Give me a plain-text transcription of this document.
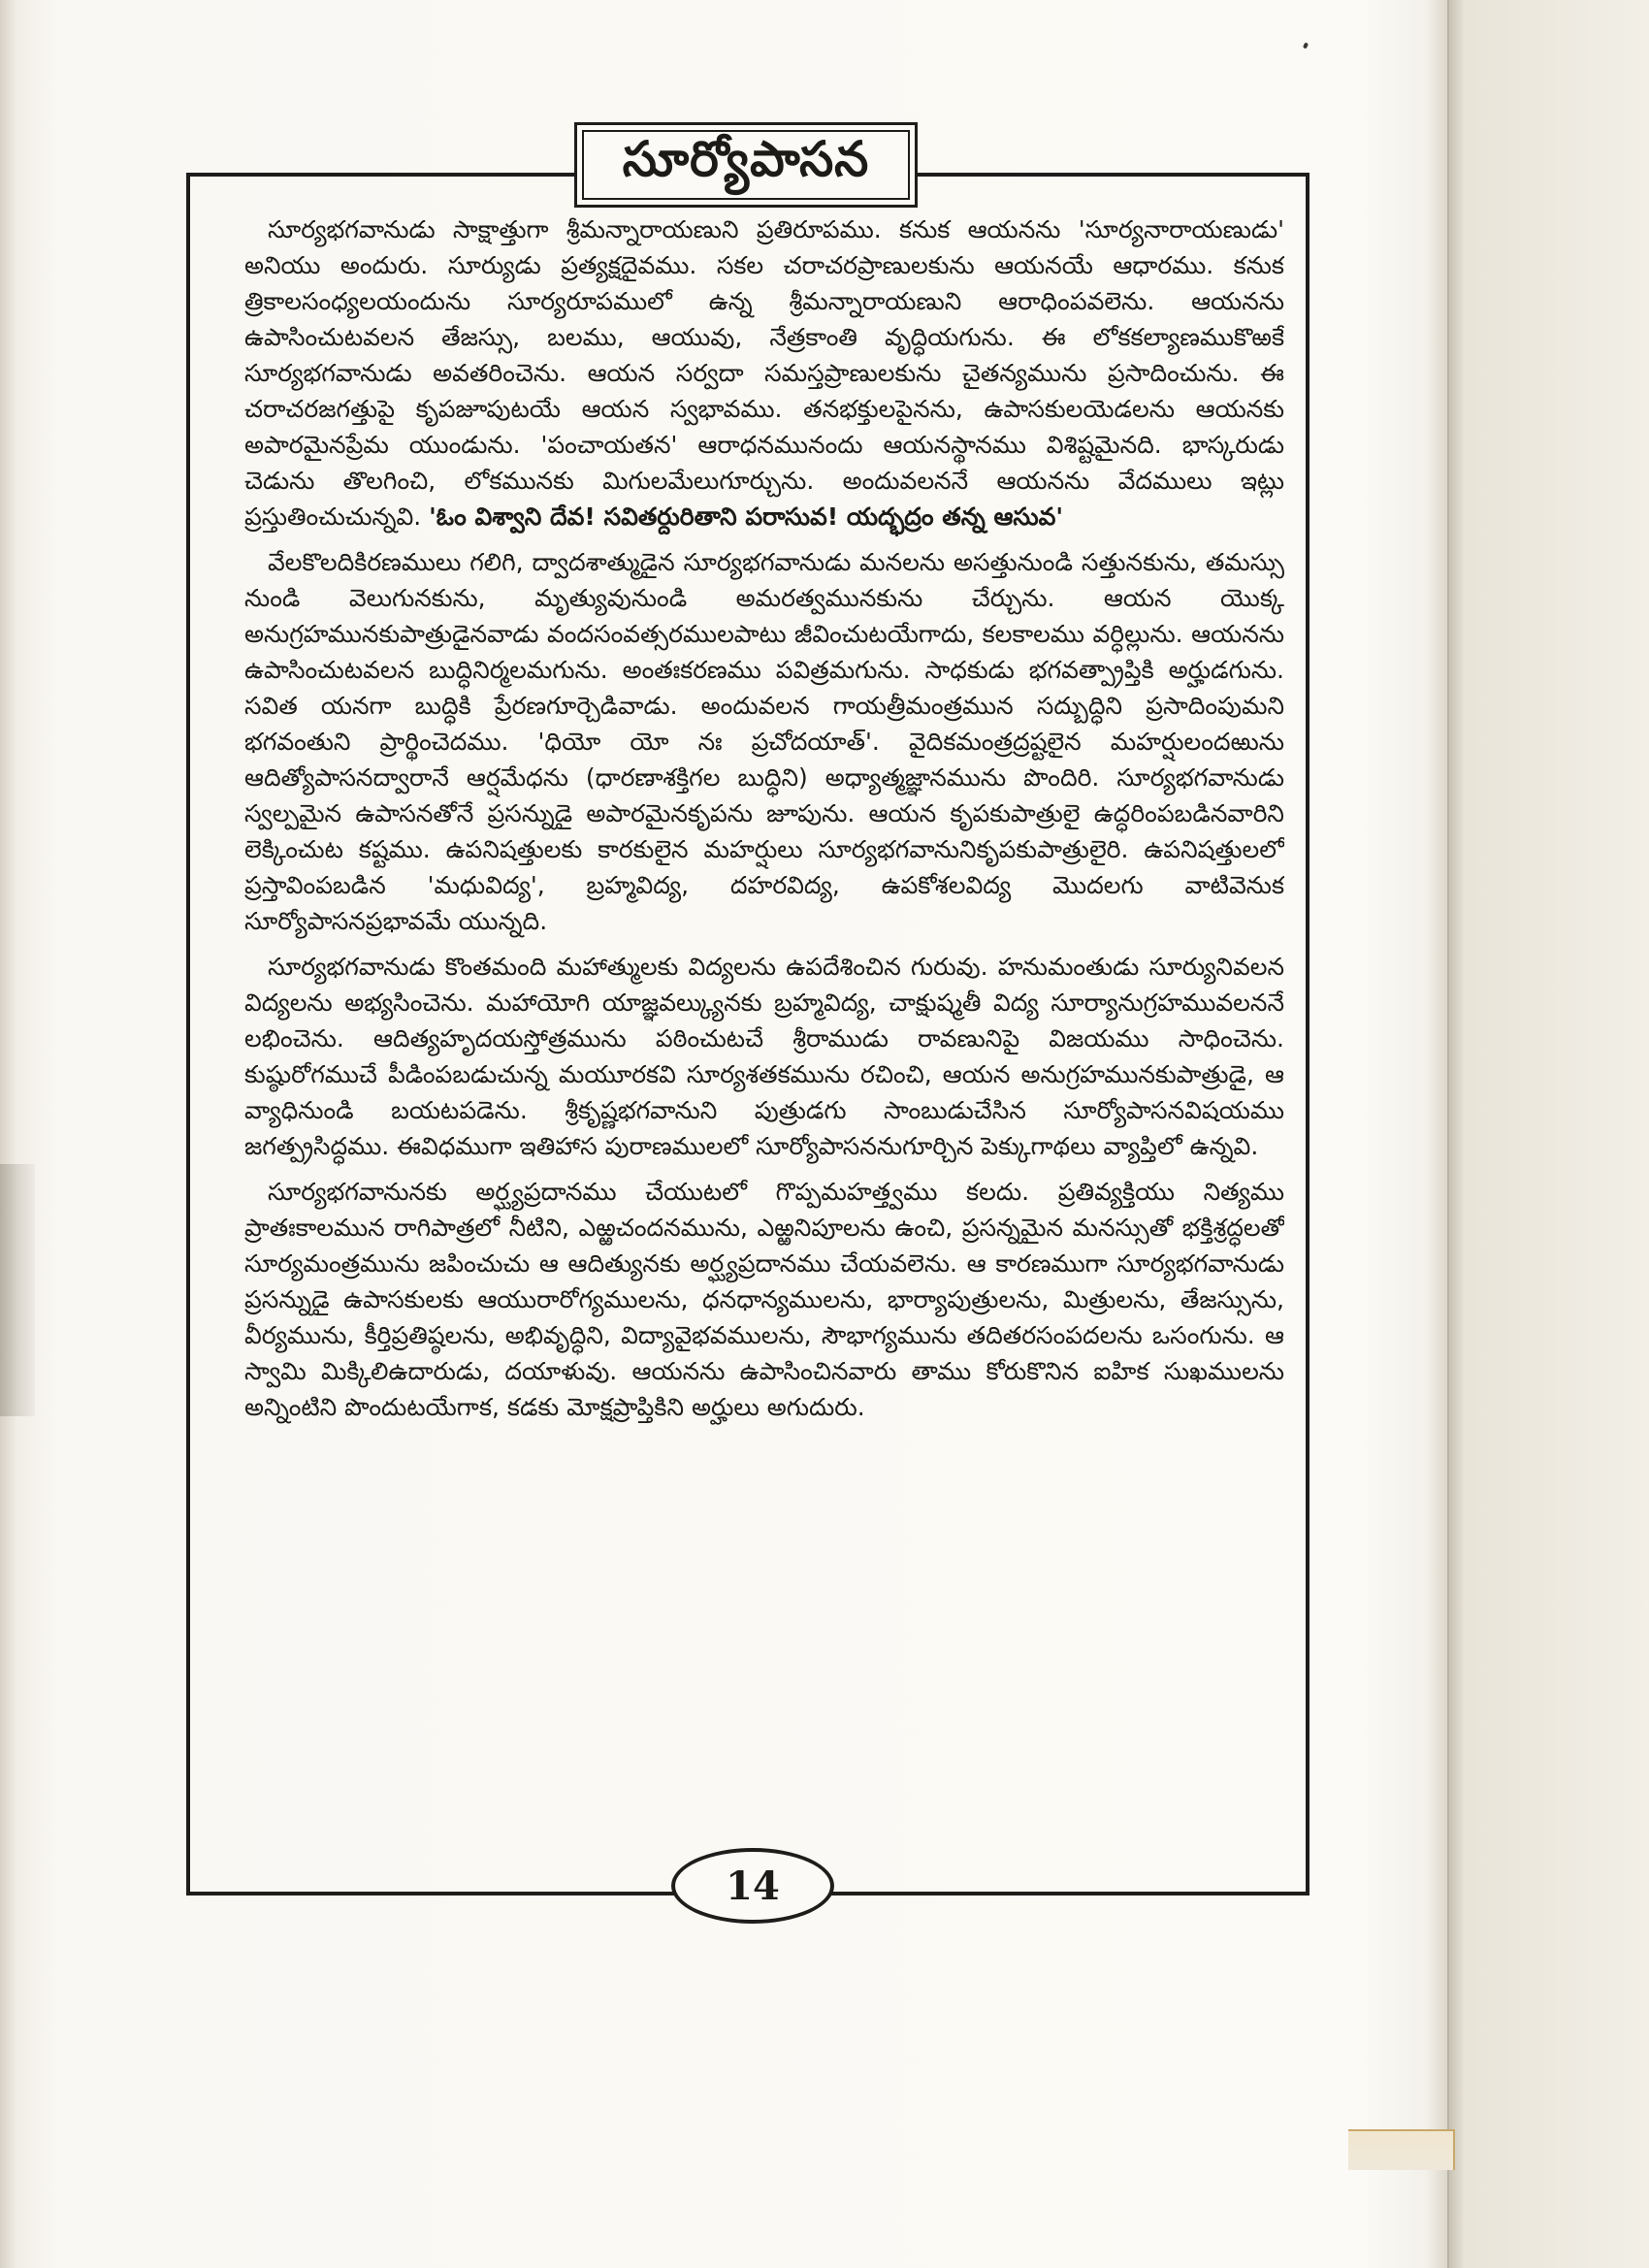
సూర్యోపాసన

సూర్యభగవానుడు సాక్షాత్తుగా శ్రీమన్నారాయణుని ప్రతిరూపము. కనుక ఆయనను 'సూర్యనారాయణుడు' అనియు అందురు. సూర్యుడు ప్రత్యక్షదైవము. సకల చరాచరప్రాణులకును ఆయనయే ఆధారము. కనుక త్రికాలసంధ్యలయందును సూర్యరూపములో ఉన్న శ్రీమన్నారాయణుని ఆరాధింపవలెను. ఆయనను ఉపాసించుటవలన తేజస్సు, బలము, ఆయువు, నేత్రకాంతి వృద్ధియగును. ఈ లోకకల్యాణముకొఱకే సూర్యభగవానుడు అవతరించెను. ఆయన సర్వదా సమస్తప్రాణులకును చైతన్యమును ప్రసాదించును. ఈ చరాచరజగత్తుపై కృపజూపుటయే ఆయన స్వభావము. తనభక్తులపైనను, ఉపాసకులయెడలను ఆయనకు అపారమైనప్రేమ యుండును. 'పంచాయతన' ఆరాధనమునందు ఆయనస్థానము విశిష్టమైనది. భాస్కరుడు చెడును తొలగించి, లోకమునకు మిగులమేలుగూర్చును. అందువలననే ఆయనను వేదములు ఇట్లు ప్రస్తుతించుచున్నవి. 'ఓం విశ్వాని దేవ! సవితర్దురితాని పరాసువ! యద్భద్రం తన్న ఆసువ'

వేలకొలదికిరణములు గలిగి, ద్వాదశాత్ముడైన సూర్యభగవానుడు మనలను అసత్తునుండి సత్తునకును, తమస్సు నుండి వెలుగునకును, మృత్యువునుండి అమరత్వమునకును చేర్చును. ఆయన యొక్క అనుగ్రహమునకుపాత్రుడైనవాడు వందసంవత్సరములపాటు జీవించుటయేగాదు, కలకాలము వర్ధిల్లును. ఆయనను ఉపాసించుటవలన బుద్ధినిర్మలమగును. అంతఃకరణము పవిత్రమగును. సాధకుడు భగవత్ప్రాప్తికి అర్హుడగును. సవిత యనగా బుద్ధికి ప్రేరణగూర్చెడివాడు. అందువలన గాయత్రీమంత్రమున సద్బుద్ధిని ప్రసాదింపుమని భగవంతుని ప్రార్థించెదము. 'ధియో యో నః ప్రచోదయాత్'. వైదికమంత్రద్రష్టలైన మహర్షులందఱును ఆదిత్యోపాసనద్వారానే ఆర్షమేధను (ధారణాశక్తిగల బుద్ధిని) అధ్యాత్మజ్ఞానమును పొందిరి. సూర్యభగవానుడు స్వల్పమైన ఉపాసనతోనే ప్రసన్నుడై అపారమైనకృపను జూపును. ఆయన కృపకుపాత్రులై ఉద్ధరింపబడినవారిని లెక్కించుట కష్టము. ఉపనిషత్తులకు కారకులైన మహర్షులు సూర్యభగవానునికృపకుపాత్రులైరి. ఉపనిషత్తులలో ప్రస్తావింపబడిన 'మధువిద్య', బ్రహ్మవిద్య, దహరవిద్య, ఉపకోశలవిద్య మొదలగు వాటివెనుక సూర్యోపాసనప్రభావమే యున్నది.

సూర్యభగవానుడు కొంతమంది మహాత్ములకు విద్యలను ఉపదేశించిన గురువు. హనుమంతుడు సూర్యునివలన విద్యలను అభ్యసించెను. మహాయోగి యాజ్ఞవల్క్యునకు బ్రహ్మవిద్య, చాక్షుష్మతీ విద్య సూర్యానుగ్రహమువలననే లభించెను. ఆదిత్యహృదయస్తోత్రమును పఠించుటచే శ్రీరాముడు రావణునిపై విజయము సాధించెను. కుష్ఠురోగముచే పీడింపబడుచున్న మయూరకవి సూర్యశతకమును రచించి, ఆయన అనుగ్రహమునకుపాత్రుడై, ఆ వ్యాధినుండి బయటపడెను. శ్రీకృష్ణభగవానుని పుత్రుడగు సాంబుడుచేసిన సూర్యోపాసనవిషయము జగత్ప్రసిద్ధము. ఈవిధముగా ఇతిహాస పురాణములలో సూర్యోపాసననుగూర్చిన పెక్కుగాథలు వ్యాప్తిలో ఉన్నవి.

సూర్యభగవానునకు అర్ఘ్యప్రదానము చేయుటలో గొప్పమహత్త్వము కలదు. ప్రతివ్యక్తియు నిత్యము ప్రాతఃకాలమున రాగిపాత్రలో నీటిని, ఎఱ్ఱచందనమును, ఎఱ్ఱనిపూలను ఉంచి, ప్రసన్నమైన మనస్సుతో భక్తిశ్రద్ధలతో సూర్యమంత్రమును జపించుచు ఆ ఆదిత్యునకు అర్ఘ్యప్రదానము చేయవలెను. ఆ కారణముగా సూర్యభగవానుడు ప్రసన్నుడై ఉపాసకులకు ఆయురారోగ్యములను, ధనధాన్యములను, భార్యాపుత్రులను, మిత్రులను, తేజస్సును, వీర్యమును, కీర్తిప్రతిష్ఠలను, అభివృద్ధిని, విద్యావైభవములను, సౌభాగ్యమును తదితరసంపదలను ఒసంగును. ఆ స్వామి మిక్కిలిఉదారుడు, దయాళువు. ఆయనను ఉపాసించినవారు తాము కోరుకొనిన ఐహిక సుఖములను అన్నింటిని పొందుటయేగాక, కడకు మోక్షప్రాప్తికిని అర్హులు అగుదురు.

14
